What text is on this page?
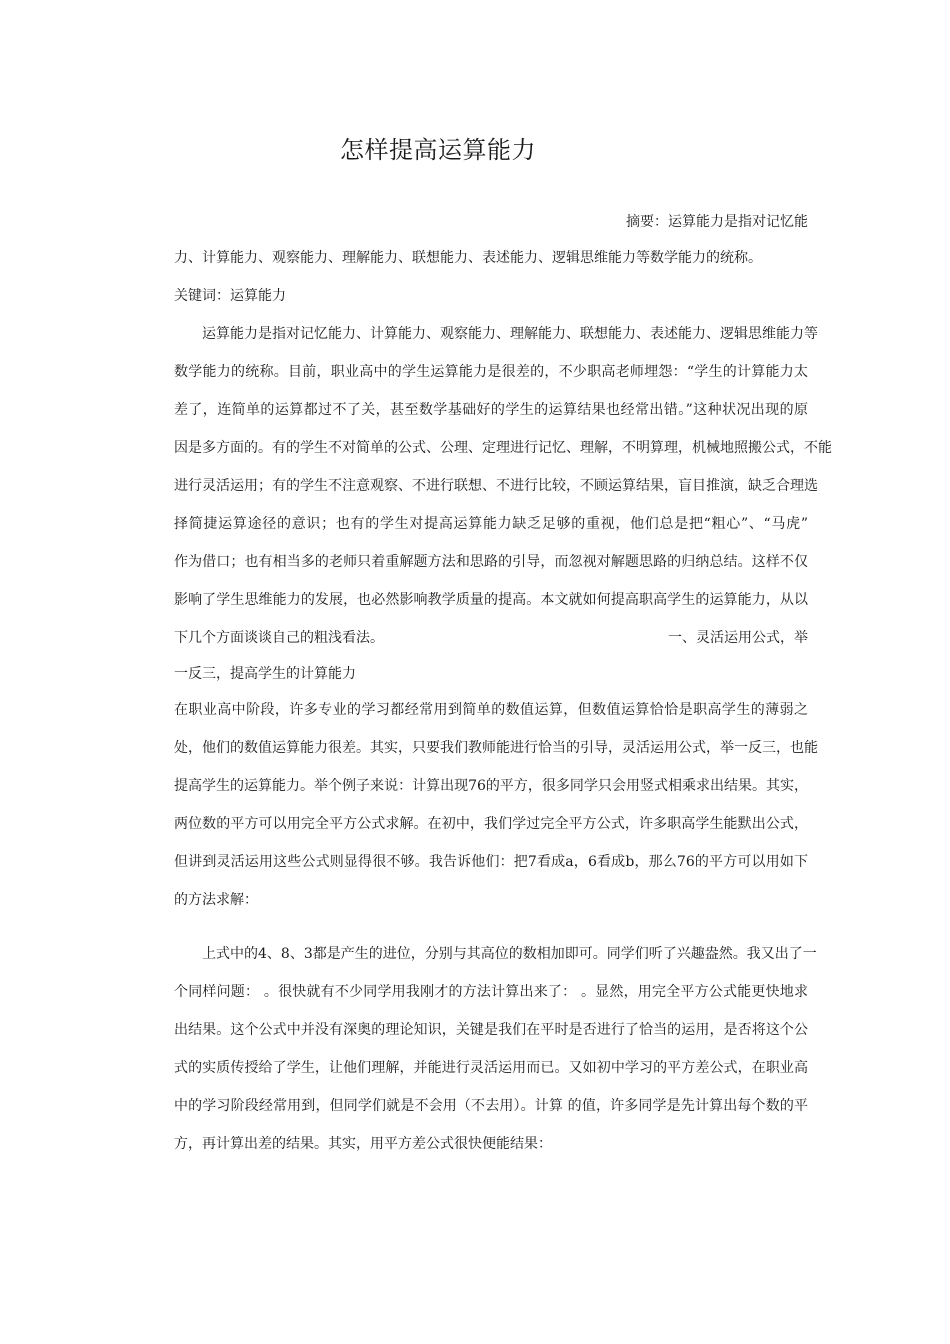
怎样提高运算能力
摘要：运算能力是指对记忆能
力、计算能力、观察能力、理解能力、联想能力、表述能力、逻辑思维能力等数学能力的统称。
关键词：运算能力
运算能力是指对记忆能力、计算能力、观察能力、理解能力、联想能力、表述能力、逻辑思维能力等
数学能力的统称。目前，职业高中的学生运算能力是很差的，不少职高老师埋怨：“学生的计算能力太
差了，连简单的运算都过不了关，甚至数学基础好的学生的运算结果也经常出错。”这种状况出现的原
因是多方面的。有的学生不对简单的公式、公理、定理进行记忆、理解，不明算理，机械地照搬公式，不能
进行灵活运用；有的学生不注意观察、不进行联想、不进行比较，不顾运算结果，盲目推演，缺乏合理选
择简捷运算途径的意识；也有的学生对提高运算能力缺乏足够的重视，他们总是把“粗心”、“马虎”
作为借口；也有相当多的老师只着重解题方法和思路的引导，而忽视对解题思路的归纳总结。这样不仅
影响了学生思维能力的发展，也必然影响教学质量的提高。本文就如何提高职高学生的运算能力，从以
下几个方面谈谈自己的粗浅看法。	一、灵活运用公式，举
一反三，提高学生的计算能力
在职业高中阶段，许多专业的学习都经常用到简单的数值运算，但数值运算恰恰是职高学生的薄弱之
处，他们的数值运算能力很差。其实，只要我们教师能进行恰当的引导，灵活运用公式，举一反三，也能
提高学生的运算能力。举个例子来说：计算出现76的平方，很多同学只会用竖式相乘求出结果。其实，
两位数的平方可以用完全平方公式求解。在初中，我们学过完全平方公式，许多职高学生能默出公式，
但讲到灵活运用这些公式则显得很不够。我告诉他们：把7看成a，6看成b，那么76的平方可以用如下
的方法求解：
上式中的4、8、3都是产生的进位，分别与其高位的数相加即可。同学们听了兴趣盎然。我又出了一
个同样问题： 。很快就有不少同学用我刚才的方法计算出来了： 。显然，用完全平方公式能更快地求
出结果。这个公式中并没有深奥的理论知识，关键是我们在平时是否进行了恰当的运用，是否将这个公
式的实质传授给了学生，让他们理解，并能进行灵活运用而已。又如初中学习的平方差公式，在职业高
中的学习阶段经常用到，但同学们就是不会用（不去用）。计算 的值，许多同学是先计算出每个数的平
方，再计算出差的结果。其实，用平方差公式很快便能结果：
